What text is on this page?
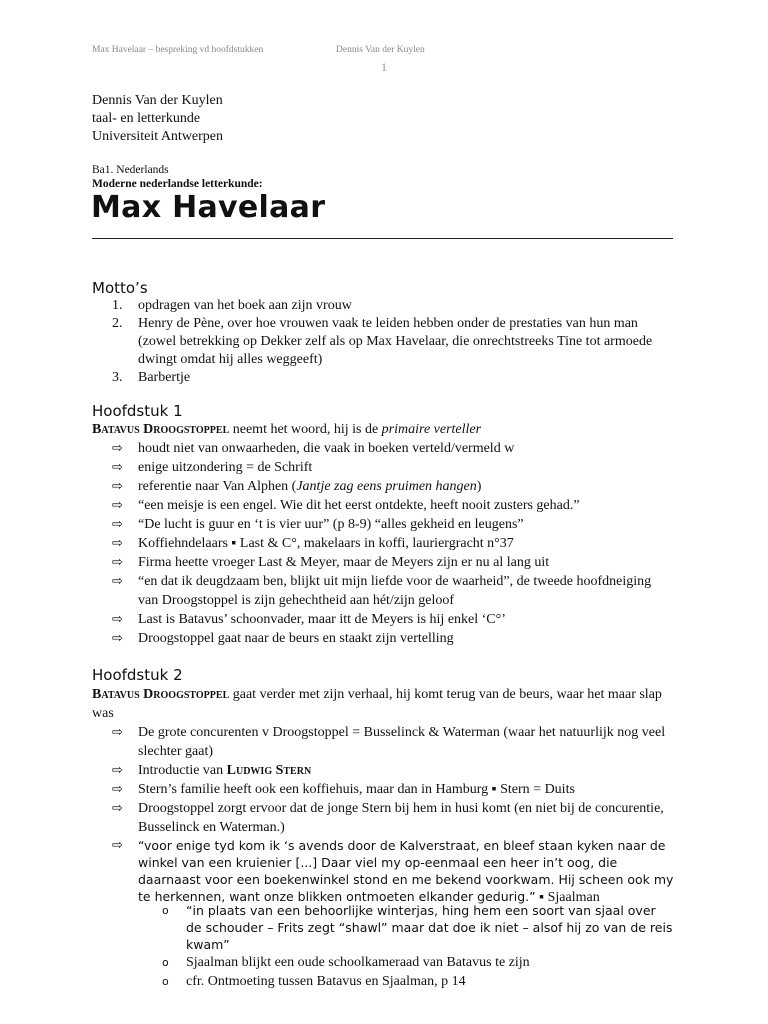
Max Havelaar – bespreking vd hoofdstukken	Dennis Van der Kuylen
1
Dennis Van der Kuylen
taal- en letterkunde
Universiteit Antwerpen
Ba1. Nederlands
Moderne nederlandse letterkunde:
Max Havelaar
Motto’s
1. opdragen van het boek aan zijn vrouw
2. Henry de Pène, over hoe vrouwen vaak te leiden hebben onder de prestaties van hun man (zowel betrekking op Dekker zelf als op Max Havelaar, die onrechtstreeks Tine tot armoede dwingt omdat hij alles weggeeft)
3. Barbertje
Hoofdstuk 1
Batavus Droogstoppel neemt het woord, hij is de primaire verteller
⇨ houdt niet van onwaarheden, die vaak in boeken verteld/vermeld w
⇨ enige uitzondering = de Schrift
⇨ referentie naar Van Alphen (Jantje zag eens pruimen hangen)
⇨ “een meisje is een engel. Wie dit het eerst ontdekte, heeft nooit zusters gehad.”
⇨ “De lucht is guur en ‘t is vier uur” (p 8-9) “alles gekheid en leugens”
⇨ Koffiehndelaars ▪ Last & C°, makelaars in koffi, lauriergracht n°37
⇨ Firma heette vroeger Last & Meyer, maar de Meyers zijn er nu al lang uit
⇨ “en dat ik deugdzaam ben, blijkt uit mijn liefde voor de waarheid”, de tweede hoofdneiging van Droogstoppel is zijn gehechtheid aan hét/zijn geloof
⇨ Last is Batavus’ schoonvader, maar itt de Meyers is hij enkel ‘C°’
⇨ Droogstoppel gaat naar de beurs en staakt zijn vertelling
Hoofdstuk 2
Batavus Droogstoppel gaat verder met zijn verhaal, hij komt terug van de beurs, waar het maar slap was
⇨ De grote concurenten v Droogstoppel = Busselinck & Waterman (waar het natuurlijk nog veel slechter gaat)
⇨ Introductie van Ludwig Stern
⇨ Stern’s familie heeft ook een koffiehuis, maar dan in Hamburg ▪ Stern = Duits
⇨ Droogstoppel zorgt ervoor dat de jonge Stern bij hem in husi komt (en niet bij de concurentie, Busselinck en Waterman.)
⇨ “voor enige tyd kom ik ‘s avends door de Kalverstraat, en bleef staan kyken naar de winkel van een kruienier [...] Daar viel my op-eenmaal een heer in’t oog, die daarnaast voor een boekenwinkel stond en me bekend voorkwam. Hij scheen ook my te herkennen, want onze blikken ontmoeten elkander gedurig.” ▪ Sjaalman
o “in plaats van een behoorlijke winterjas, hing hem een soort van sjaal over de schouder – Frits zegt “shawl” maar dat doe ik niet – alsof hij zo van de reis kwam”
o Sjaalman blijkt een oude schoolkameraad van Batavus te zijn
o cfr. Ontmoeting tussen Batavus en Sjaalman, p 14
